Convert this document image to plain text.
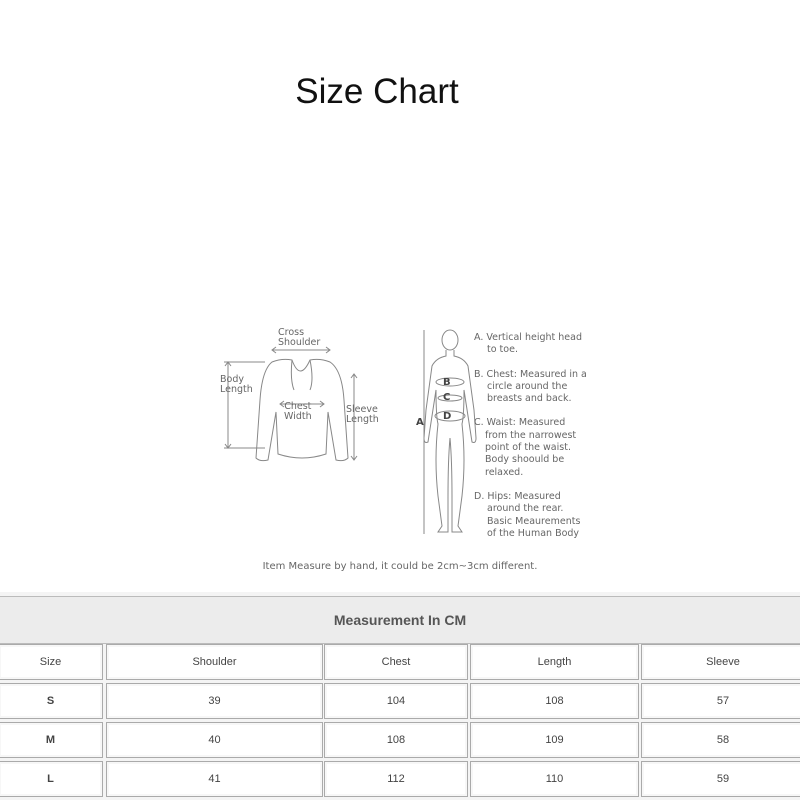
Size Chart
Cross
Shoulder
Body
Length
Chest
Width
Sleeve
Length	A
B
C
D
A. Vertical height head
to toe.
B. Chest: Measured in a
circle around the
breasts and back.
C. Waist: Measured
from the narrowest
point of the waist.
Body shoould be
relaxed.
D. Hips: Measured
around the rear.
Basic Meaurements
of the Human Body
Item Measure by hand, it could be 2cm~3cm different.
Measurement In CM
Size	Shoulder	Chest	Length	Sleeve
S	39	104	108	57
M	40	108	109	58
L	41	112	110	59
